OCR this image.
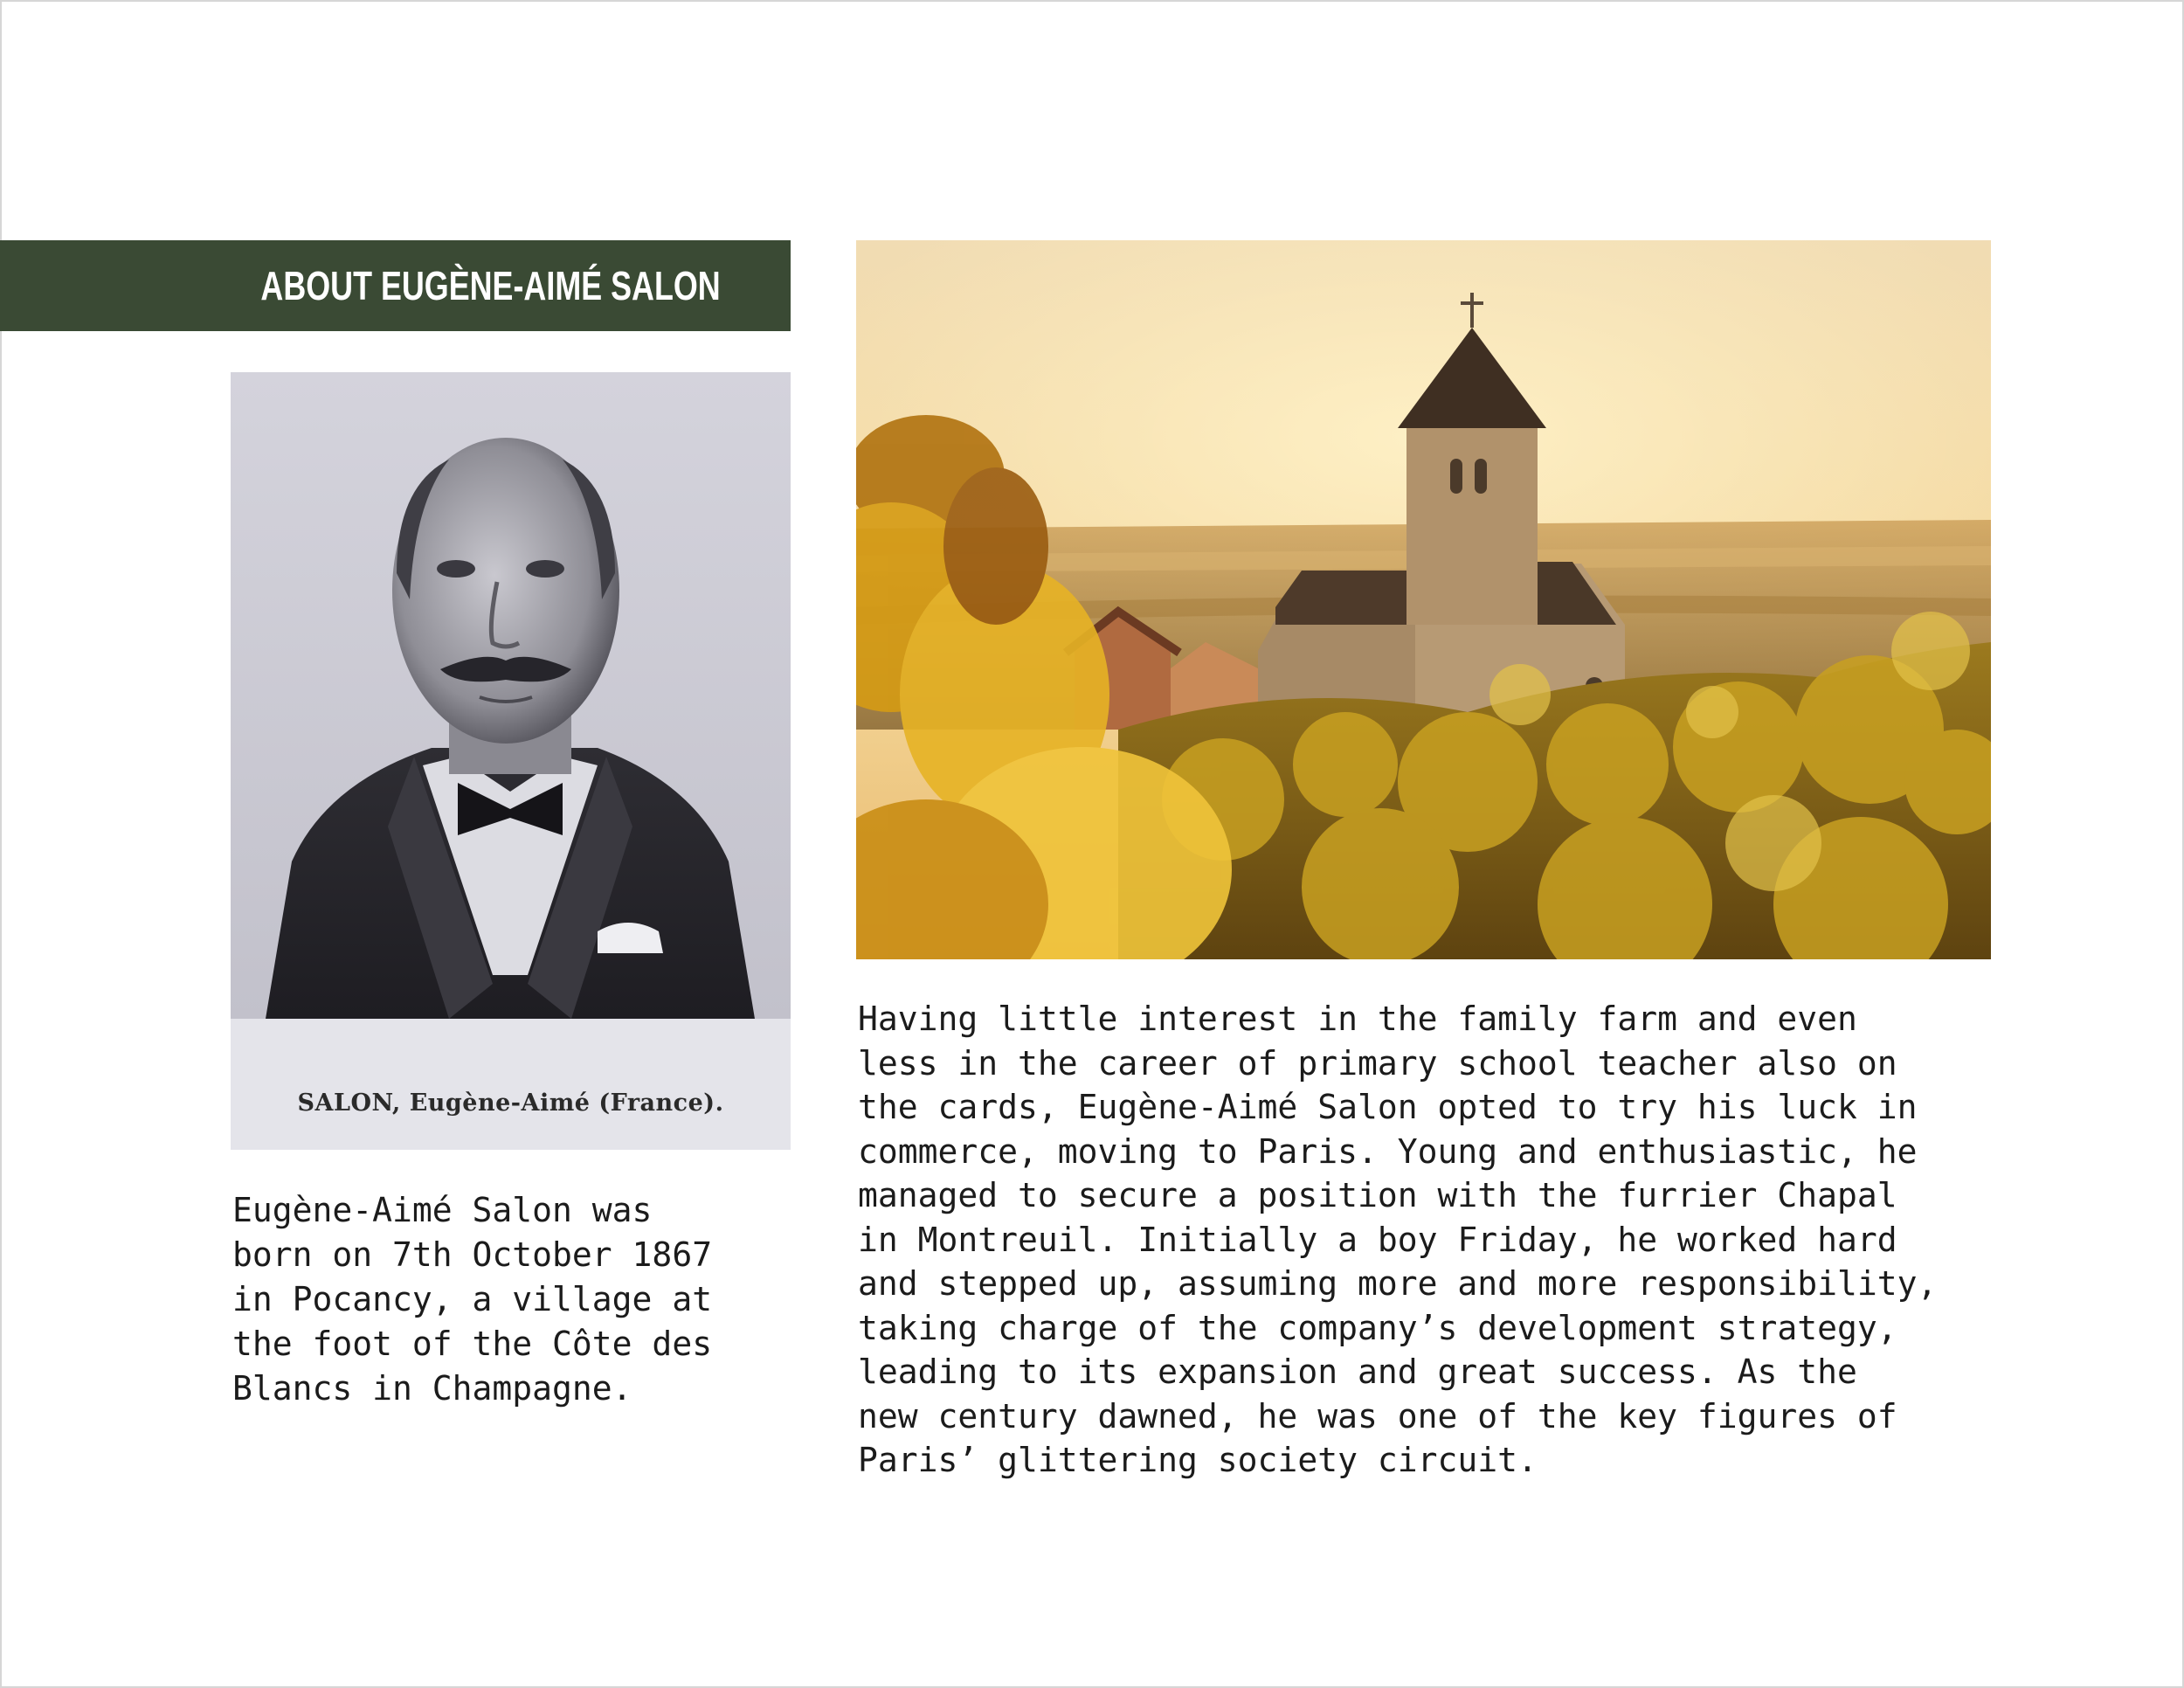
ABOUT EUGÈNE-AIMÉ SALON
SALON, Eugène-Aimé (France).

Eugène-Aimé Salon was
born on 7th October 1867
in Pocancy, a village at
the foot of the Côte des
Blancs in Champagne.

Having little interest in the family farm and even
less in the career of primary school teacher also on
the cards, Eugène-Aimé Salon opted to try his luck in
commerce, moving to Paris. Young and enthusiastic, he
managed to secure a position with the furrier Chapal
in Montreuil. Initially a boy Friday, he worked hard
and stepped up, assuming more and more responsibility,
taking charge of the company’s development strategy,
leading to its expansion and great success. As the
new century dawned, he was one of the key figures of
Paris’ glittering society circuit.
